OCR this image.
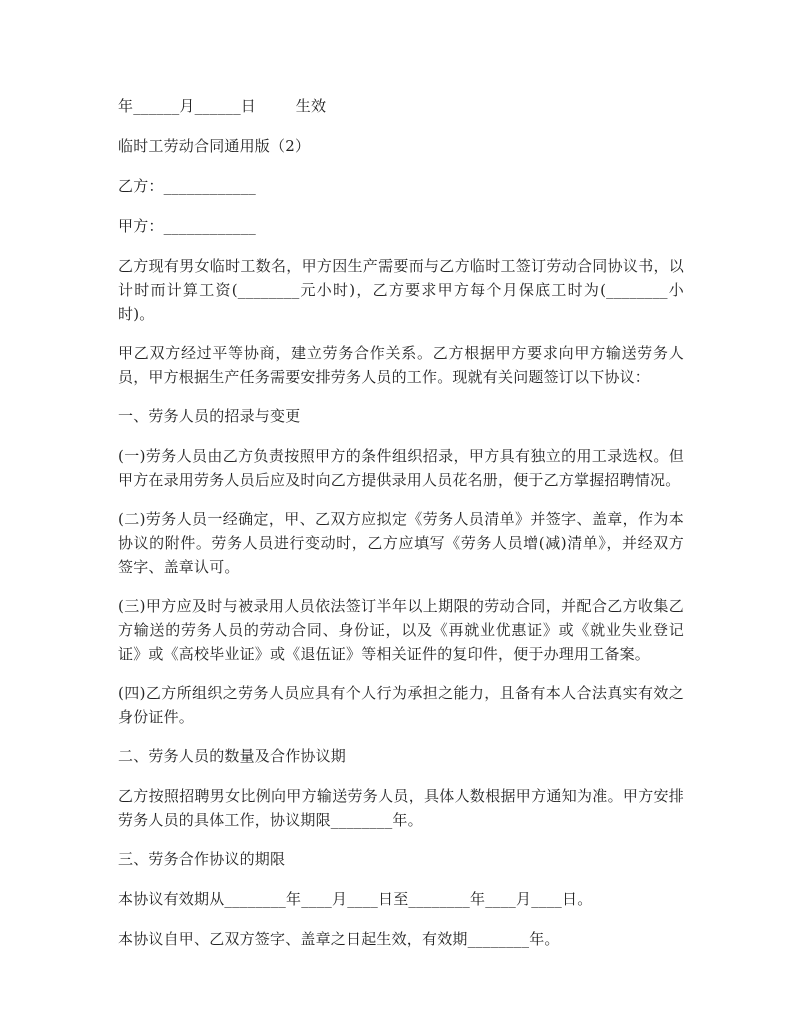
年______月______日        生效

临时工劳动合同通用版（2）

乙方：____________

甲方：____________

乙方现有男女临时工数名，甲方因生产需要而与乙方临时工签订劳动合同协议书，以计时而计算工资(________元小时)，乙方要求甲方每个月保底工时为(________小时)。

甲乙双方经过平等协商，建立劳务合作关系。乙方根据甲方要求向甲方输送劳务人员，甲方根据生产任务需要安排劳务人员的工作。现就有关问题签订以下协议：

一、劳务人员的招录与变更

(一)劳务人员由乙方负责按照甲方的条件组织招录，甲方具有独立的用工录选权。但甲方在录用劳务人员后应及时向乙方提供录用人员花名册，便于乙方掌握招聘情况。

(二)劳务人员一经确定，甲、乙双方应拟定《劳务人员清单》并签字、盖章，作为本协议的附件。劳务人员进行变动时，乙方应填写《劳务人员增(减)清单》，并经双方签字、盖章认可。

(三)甲方应及时与被录用人员依法签订半年以上期限的劳动合同，并配合乙方收集乙方输送的劳务人员的劳动合同、身份证，以及《再就业优惠证》或《就业失业登记证》或《高校毕业证》或《退伍证》等相关证件的复印件，便于办理用工备案。

(四)乙方所组织之劳务人员应具有个人行为承担之能力，且备有本人合法真实有效之身份证件。

二、劳务人员的数量及合作协议期

乙方按照招聘男女比例向甲方输送劳务人员，具体人数根据甲方通知为准。甲方安排劳务人员的具体工作，协议期限________年。

三、劳务合作协议的期限

本协议有效期从________年____月____日至________年____月____日。

本协议自甲、乙双方签字、盖章之日起生效，有效期________年。
